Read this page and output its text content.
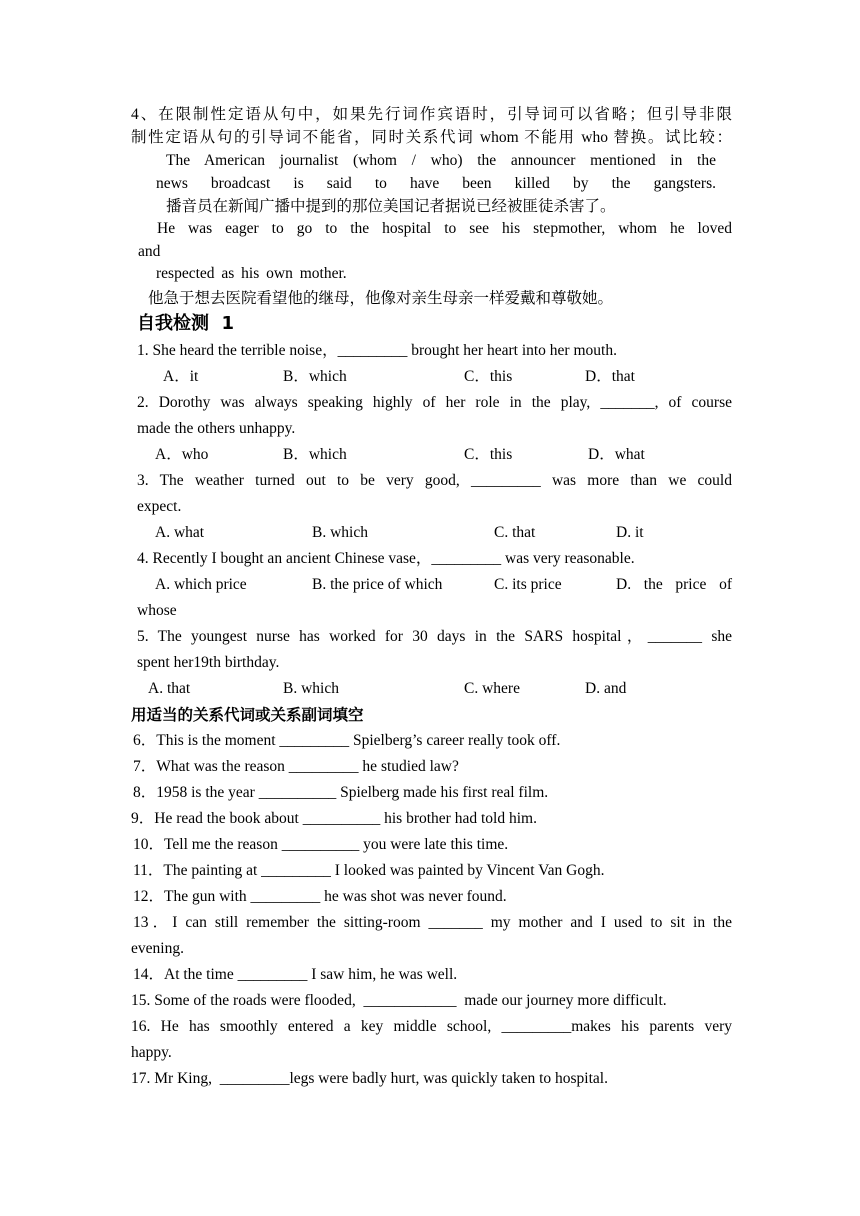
4、在限制性定语从句中，如果先行词作宾语时，引导词可以省略；但引导非限
制性定语从句的引导词不能省，同时关系代词 whom 不能用 who 替换。试比较：
The American journalist (whom / who) the announcer mentioned in the
news broadcast is said to have been killed by the gangsters.
播音员在新闻广播中提到的那位美国记者据说已经被匪徒杀害了。
He was eager to go to the hospital to see his stepmother, whom he loved
and
respected as his own mother.
他急于想去医院看望他的继母，他像对亲生母亲一样爱戴和尊敬她。
自我检测  1
1. She heard the terrible noise，_________ brought her heart into her mouth.
A．it	B．which	C．this	D．that
2. Dorothy was always speaking highly of her role in the play, _______, of course
made the others unhappy.
A．who	B．which	C．this	D．what
3. The weather turned out to be very good, _________ was more than we could
expect.
A. what	B. which	C. that	D. it
4. Recently I bought an ancient Chinese vase，_________ was very reasonable.
A. which price	B. the price of which	C. its price	D. the price of
whose
5. The youngest nurse has worked for 30 days in the SARS hospital，_______ she
spent her19th birthday.
A. that	B. which	C. where	D. and
用适当的关系代词或关系副词填空
6．This is the moment _________ Spielberg’s career really took off.
7．What was the reason _________ he studied law?
8．1958 is the year __________ Spielberg made his first real film.
9．He read the book about __________ his brother had told him.
10．Tell me the reason __________ you were late this time.
11．The painting at _________ I looked was painted by Vincent Van Gogh.
12．The gun with _________ he was shot was never found.
13．I can still remember the sitting-room _______ my mother and I used to sit in the
evening.
14．At the time _________ I saw him, he was well.
15. Some of the roads were flooded,  ____________  made our journey more difficult.
16. He has smoothly entered a key middle school, _________makes his parents very
happy.
17. Mr King,  _________legs were badly hurt, was quickly taken to hospital.
